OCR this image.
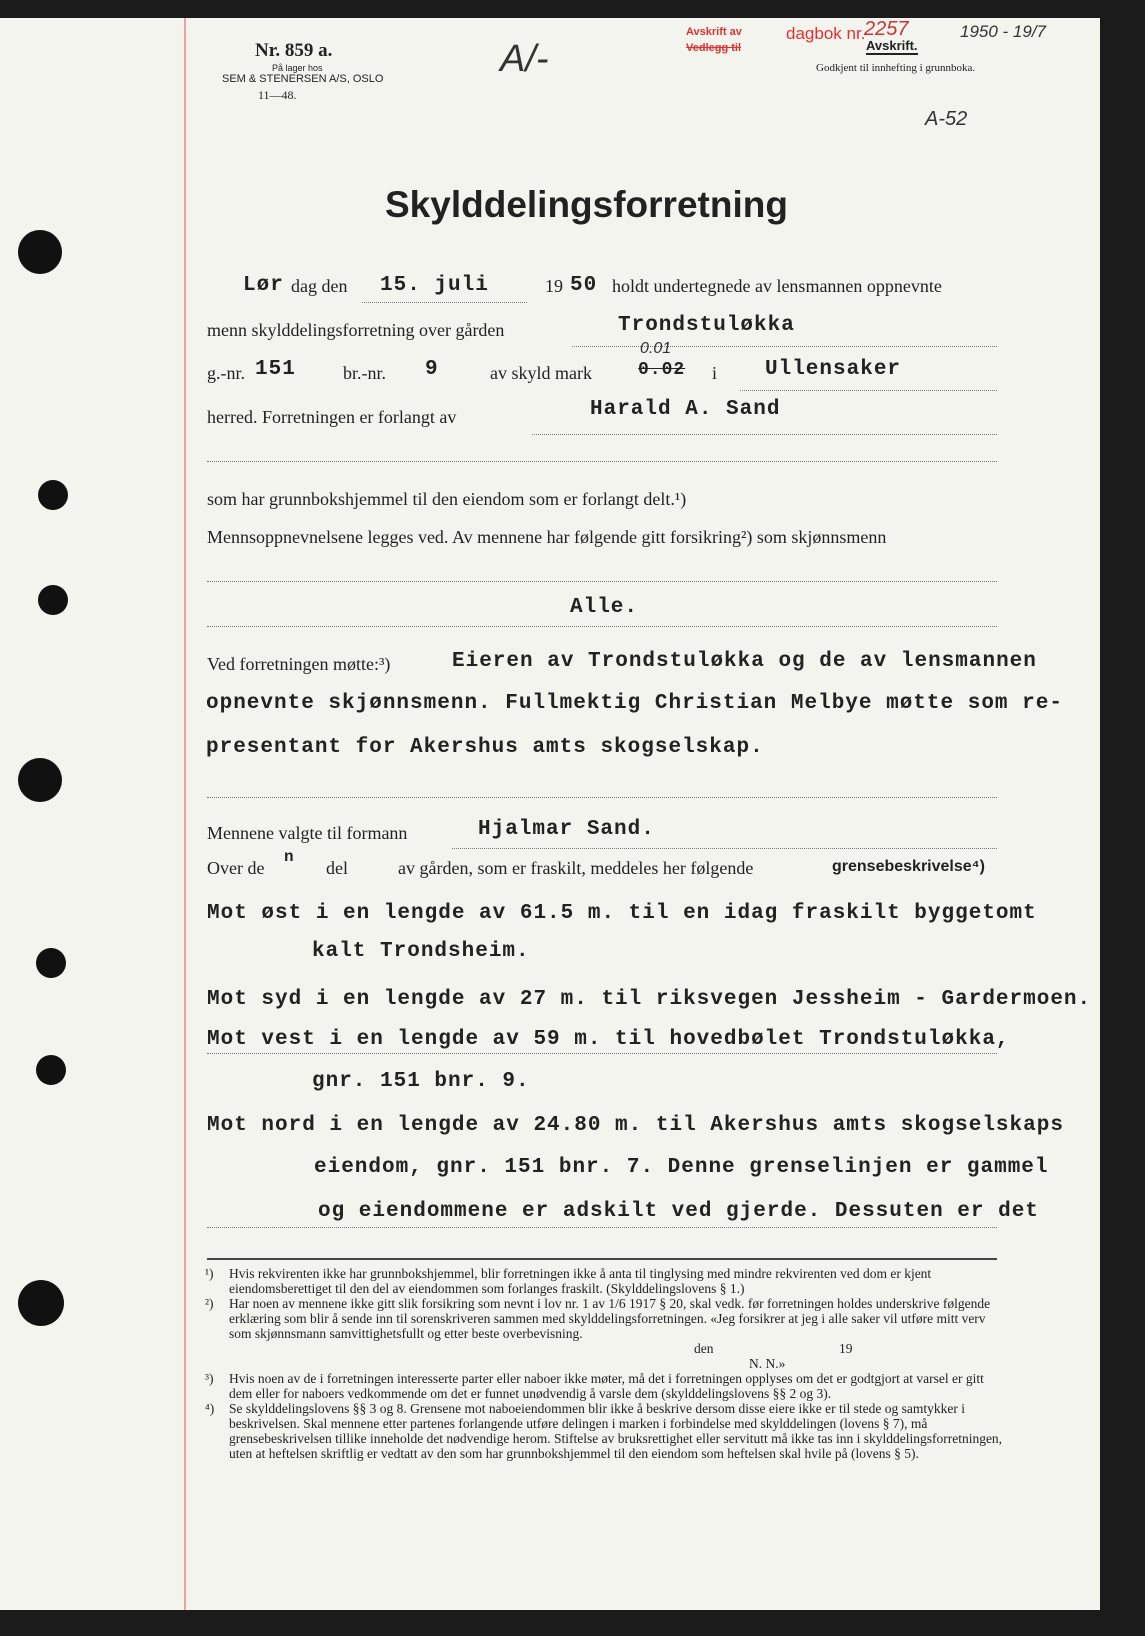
Nr. 859 a.
På lager hos
SEM & STENERSEN A/S, OSLO
11—48.
A/-
Avskrift av
Vedlegg til
dagbok nr.
2257	1950 - 19/7
Avskrift.
Godkjent til innhefting i grunnboka.
A-52
Skylddelingsforretning
Lør dag den 15. juli	19 50 holdt undertegnede av lensmannen oppnevnte
menn skylddelingsforretning over gården	Trondstuløkka
g.-nr. 151	br.-nr. 9	av skyld mark
0.01
0.02 i Ullensaker
herred. Forretningen er forlangt av	Harald A. Sand
som har grunnbokshjemmel til den eiendom som er forlangt delt.¹)
Mennsoppnevnelsene legges ved. Av mennene har følgende gitt forsikring²) som skjønnsmenn
Alle.
Ved forretningen møtte:³)	Eieren av Trondstuløkka og de av lensmannen
opnevnte skjønnsmenn. Fullmektig Christian Melbye møtte som re-
presentant for Akershus amts skogselskap.
Mennene valgte til formann	Hjalmar Sand.
Over de
n
del	av gården, som er fraskilt, meddeles her følgende	grensebeskrivelse⁴)
Mot øst i en lengde av 61.5 m. til en idag fraskilt byggetomt
kalt Trondsheim.
Mot syd i en lengde av 27 m. til riksvegen Jessheim - Gardermoen.
Mot vest i en lengde av 59 m. til hovedbølet Trondstuløkka,
gnr. 151 bnr. 9.
Mot nord i en lengde av 24.80 m. til Akershus amts skogselskaps
eiendom, gnr. 151 bnr. 7. Denne grenselinjen er gammel
og eiendommene er adskilt ved gjerde. Dessuten er det
¹) Hvis rekvirenten ikke har grunnbokshjemmel, blir forretningen ikke å anta til tinglysing med mindre rekvirenten ved dom er kjent eiendomsberettiget til den del av eiendommen som forlanges fraskilt. (Skylddelingslovens § 1.)
²) Har noen av mennene ikke gitt slik forsikring som nevnt i lov nr. 1 av 1/6 1917 § 20, skal vedk. før forretningen holdes underskrive følgende erklæring som blir å sende inn til sorenskriveren sammen med skylddelingsforretningen. «Jeg forsikrer at jeg i alle saker vil utføre mitt verv som skjønnsmann samvittighetsfullt og etter beste overbevisning.
den	19
N. N.»
³) Hvis noen av de i forretningen interesserte parter eller naboer ikke møter, må det i forretningen opplyses om det er godtgjort at varsel er gitt dem eller for naboers vedkommende om det er funnet unødvendig å varsle dem (skylddelingslovens §§ 2 og 3).
⁴) Se skylddelingslovens §§ 3 og 8. Grensene mot naboeiendommen blir ikke å beskrive dersom disse eiere ikke er til stede og samtykker i beskrivelsen. Skal mennene etter partenes forlangende utføre delingen i marken i forbindelse med skylddelingen (lovens § 7), må grensebeskrivelsen tillike inneholde det nødvendige herom. Stiftelse av bruksrettighet eller servitutt må ikke tas inn i skylddelingsforretningen, uten at heftelsen skriftlig er vedtatt av den som har grunnbokshjemmel til den eiendom som heftelsen skal hvile på (lovens § 5).
